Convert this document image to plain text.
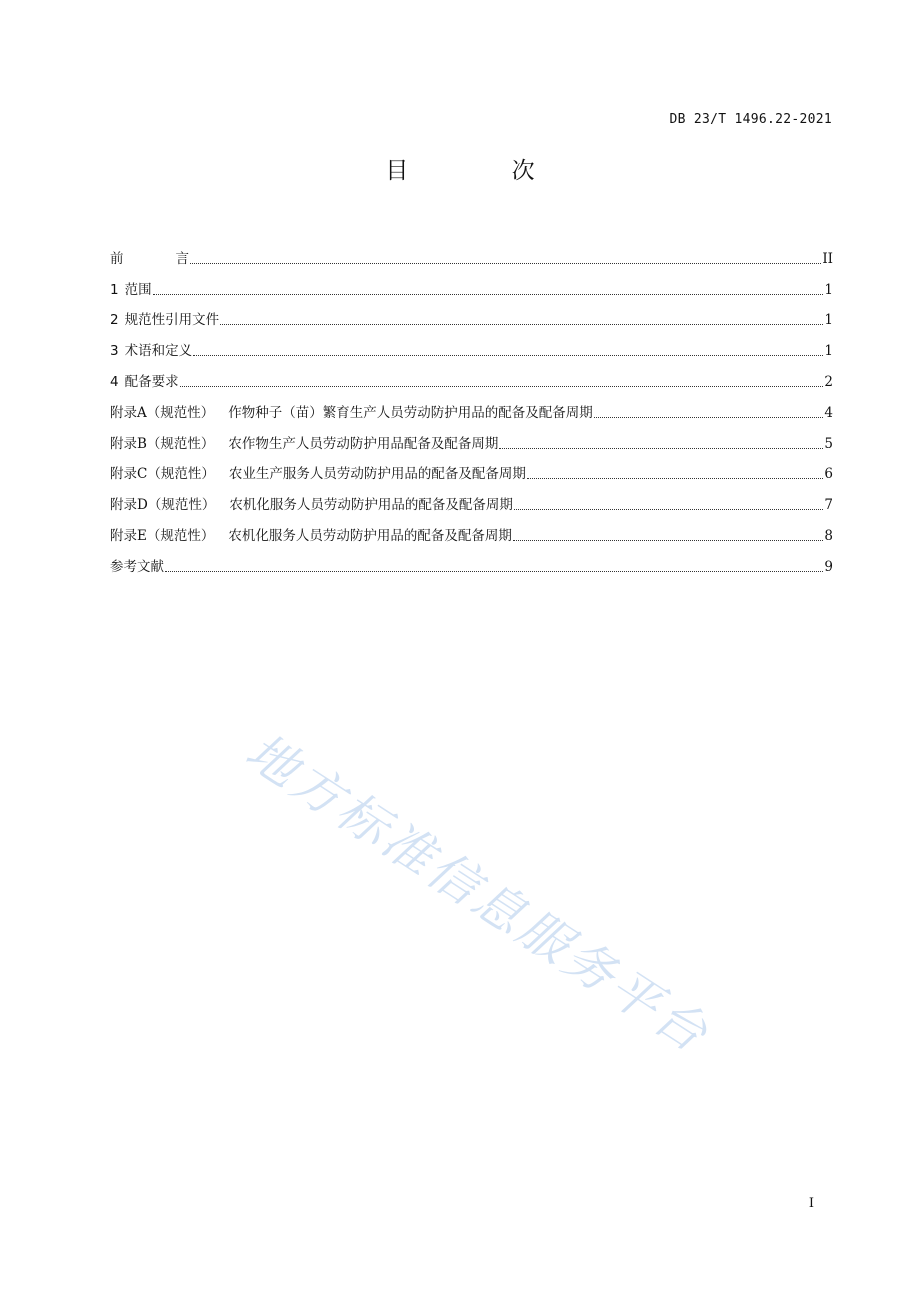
DB 23/T 1496.22-2021
目 次
前言	II
1 范围	1
2 规范性引用文件	1
3 术语和定义	1
4 配备要求	2
附录A（规范性） 作物种子（苗）繁育生产人员劳动防护用品的配备及配备周期	4
附录B（规范性） 农作物生产人员劳动防护用品配备及配备周期	5
附录C（规范性） 农业生产服务人员劳动防护用品的配备及配备周期	6
附录D（规范性） 农机化服务人员劳动防护用品的配备及配备周期	7
附录E（规范性） 农机化服务人员劳动防护用品的配备及配备周期	8
参考文献	9
地方标准信息服务平台
I
